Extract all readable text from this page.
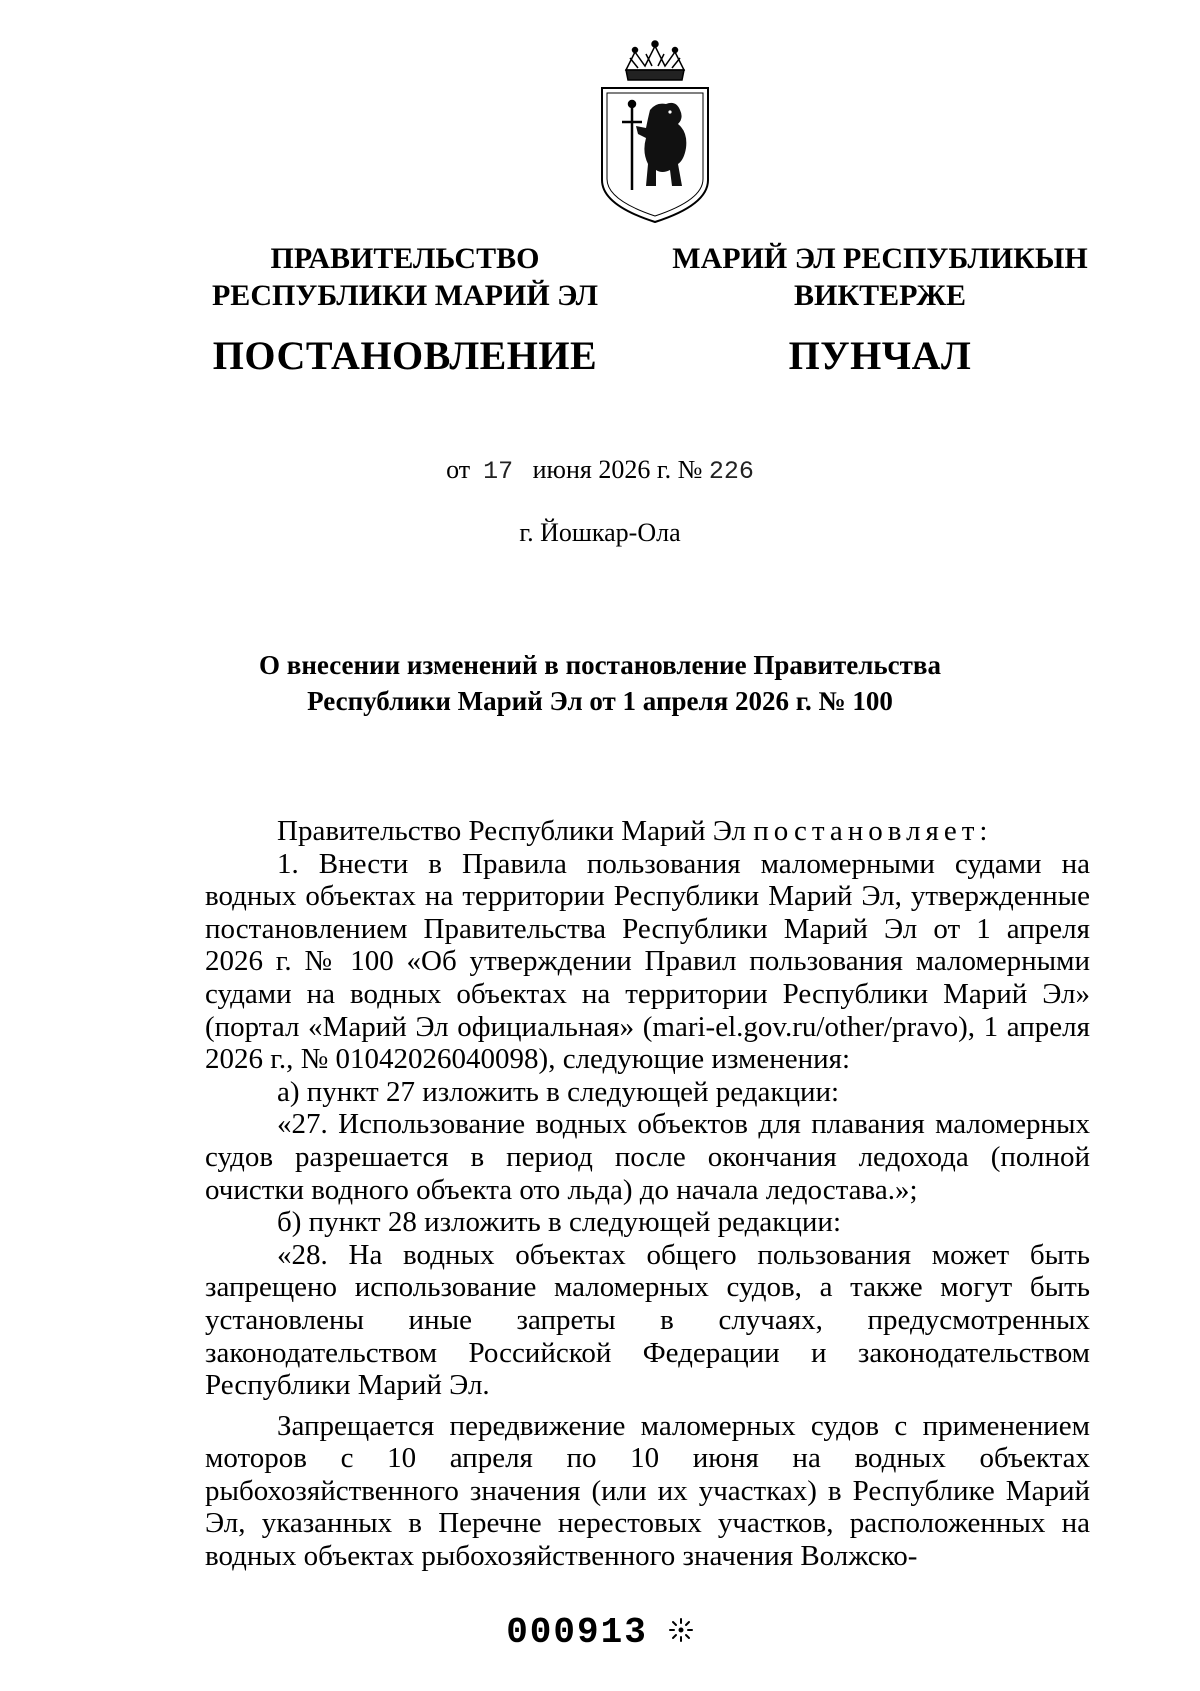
ПРАВИТЕЛЬСТВО
РЕСПУБЛИКИ МАРИЙ ЭЛ
ПОСТАНОВЛЕНИЕ
МАРИЙ ЭЛ РЕСПУБЛИКЫН
ВИКТЕРЖЕ
ПУНЧАЛ
от 17 июня 2026 г. № 226
г. Йошкар-Ола
О внесении изменений в постановление Правительства
Республики Марий Эл от 1 апреля 2026 г. № 100

Правительство Республики Марий Эл постановляет:

1. Внести в Правила пользования маломерными судами на водных объектах на территории Республики Марий Эл, утвержденные постановлением Правительства Республики Марий Эл от 1 апреля 2026 г. № 100 «Об утверждении Правил пользования маломерными судами на водных объектах на территории Республики Марий Эл» (портал «Марий Эл официальная» (mari-el.gov.ru/other/pravo), 1 апреля 2026 г., № 01042026040098), следующие изменения:

а) пункт 27 изложить в следующей редакции:

«27. Использование водных объектов для плавания маломерных судов разрешается в период после окончания ледохода (полной очистки водного объекта ото льда) до начала ледостава.»;

б) пункт 28 изложить в следующей редакции:

«28. На водных объектах общего пользования может быть запрещено использование маломерных судов, а также могут быть установлены иные запреты в случаях, предусмотренных законодательством Российской Федерации и законодательством Республики Марий Эл.

Запрещается передвижение маломерных судов с применением моторов с 10 апреля по 10 июня на водных объектах рыбохозяйственного значения (или их участках) в Республике Марий Эл, указанных в Перечне нерестовых участков, расположенных на водных объектах рыбохозяйственного значения Волжско-

000913
